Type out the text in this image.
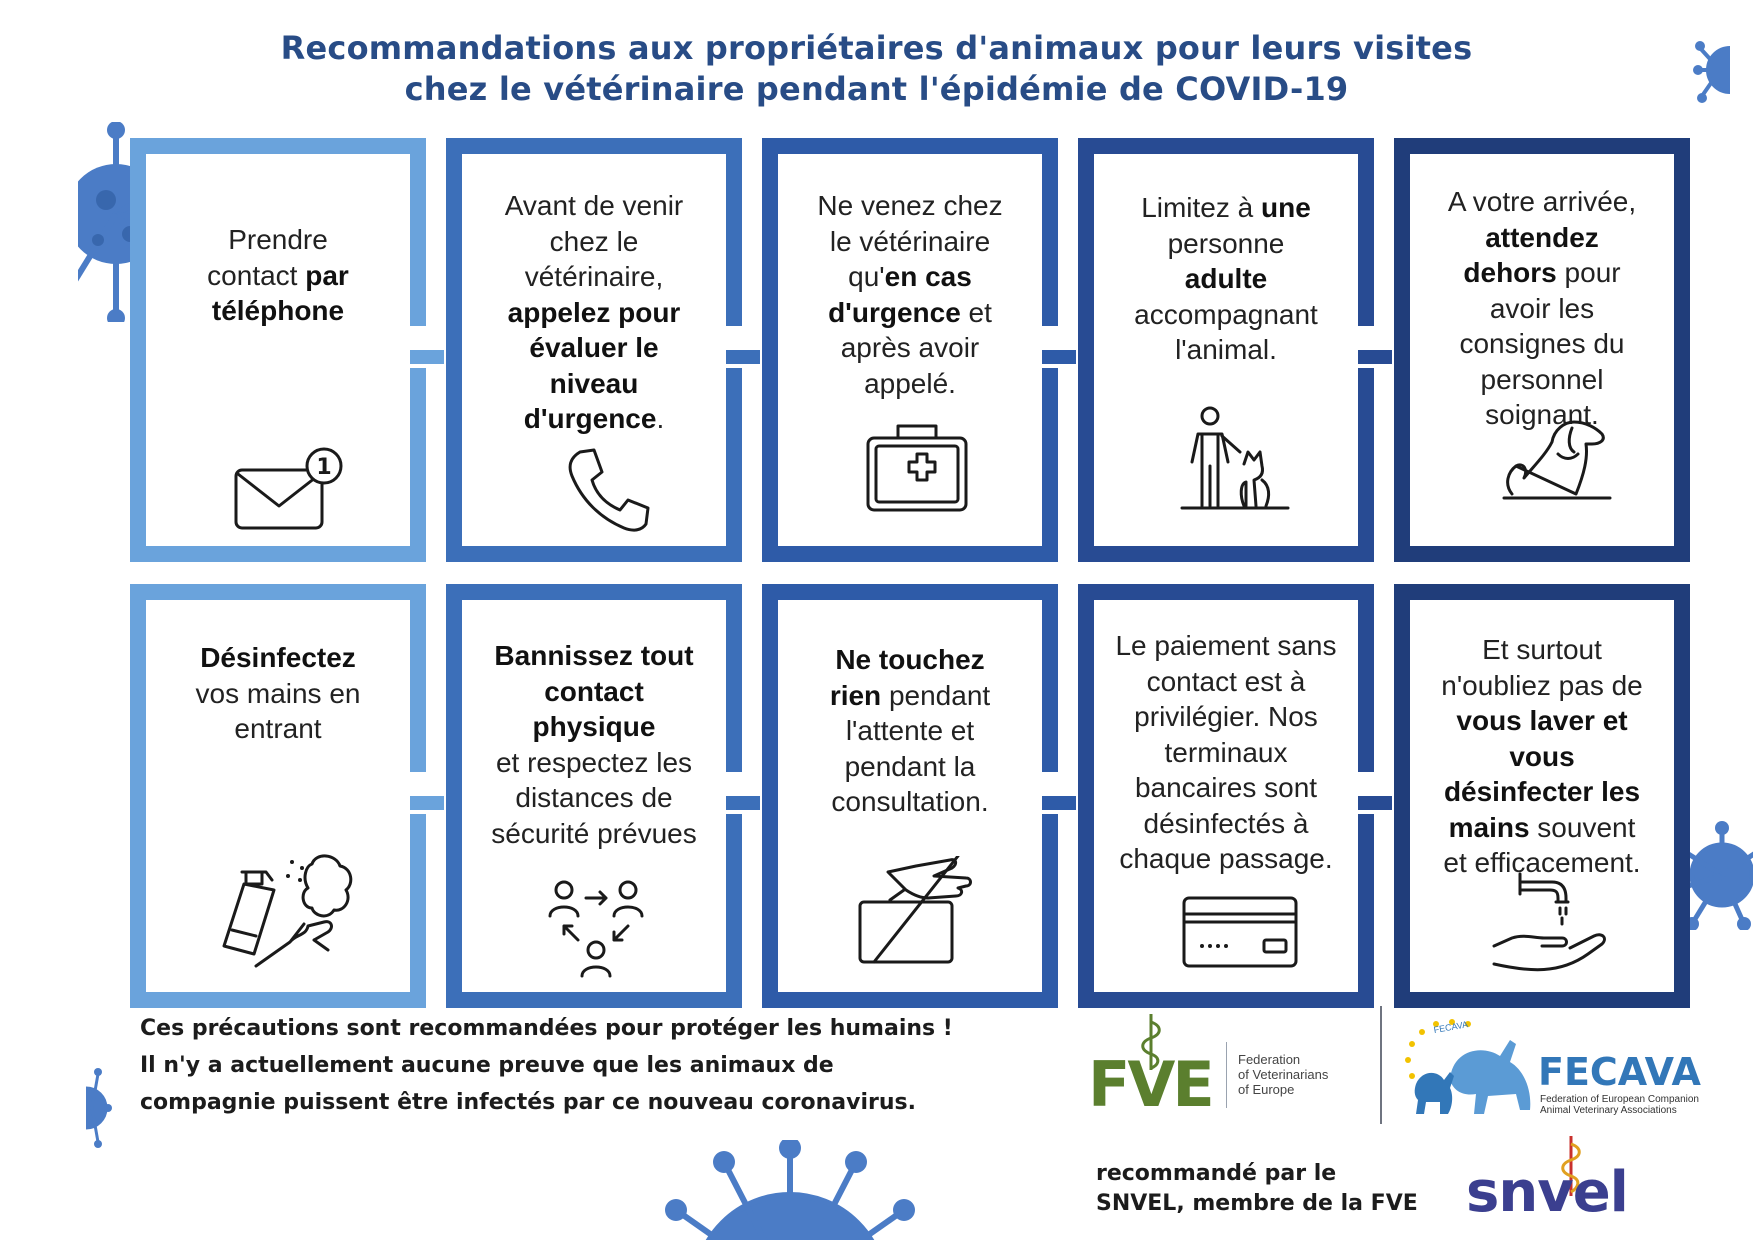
Recommandations aux propriétaires d'animaux pour leurs visites
chez le vétérinaire pendant l'épidémie de COVID-19
Prendre
contact par
téléphone
1
Avant de venir
chez le
vétérinaire,
appelez pour
évaluer le
niveau
d'urgence.
Ne venez chez
le vétérinaire
qu'en cas
d'urgence et
après avoir
appelé.
Limitez à une
personne
adulte
accompagnant
l'animal.
A votre arrivée,
attendez
dehors pour
avoir les
consignes du
personnel
soignant.
Désinfectez
vos mains en
entrant
Bannissez tout
contact
physique
et respectez les
distances de
sécurité prévues
Ne touchez
rien pendant
l'attente et
pendant la
consultation.
Le paiement sans
contact est à
privilégier. Nos
terminaux
bancaires sont
désinfectés à
chaque passage.
Et surtout
n'oubliez pas de
vous laver et
vous
désinfecter les
mains souvent
et efficacement.
Ces précautions sont recommandées pour protéger les humains !
Il n'y a actuellement aucune preuve que les animaux de
compagnie puissent être infectés par ce nouveau coronavirus.	FVE Federation
of Veterinarians
of Europe
FECAVA
FECAVA
Federation of European Companion
Animal Veterinary Associations
recommandé par le
SNVEL, membre de la FVE snvel
